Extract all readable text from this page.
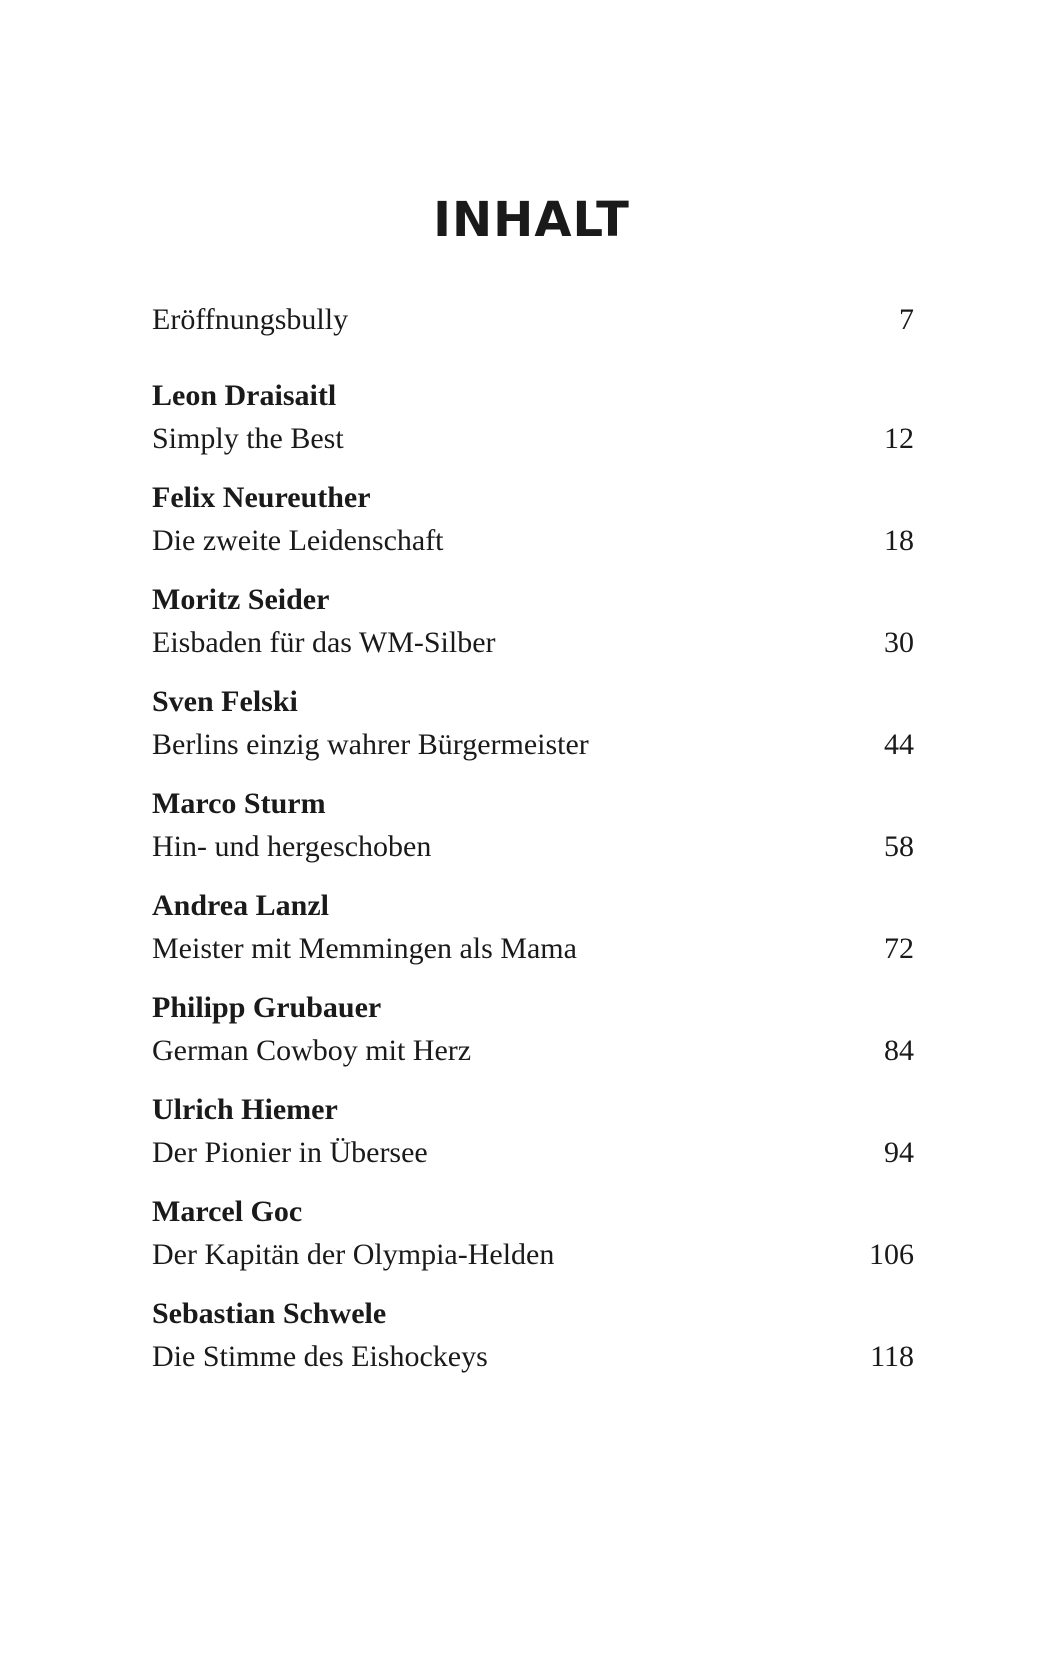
INHALT
Eröffnungsbully	7
Leon Draisaitl
Simply the Best	12
Felix Neureuther
Die zweite Leidenschaft	18
Moritz Seider
Eisbaden für das WM-Silber	30
Sven Felski
Berlins einzig wahrer Bürgermeister	44
Marco Sturm
Hin- und hergeschoben	58
Andrea Lanzl
Meister mit Memmingen als Mama	72
Philipp Grubauer
German Cowboy mit Herz	84
Ulrich Hiemer
Der Pionier in Übersee	94
Marcel Goc
Der Kapitän der Olympia-Helden	106
Sebastian Schwele
Die Stimme des Eishockeys	118
